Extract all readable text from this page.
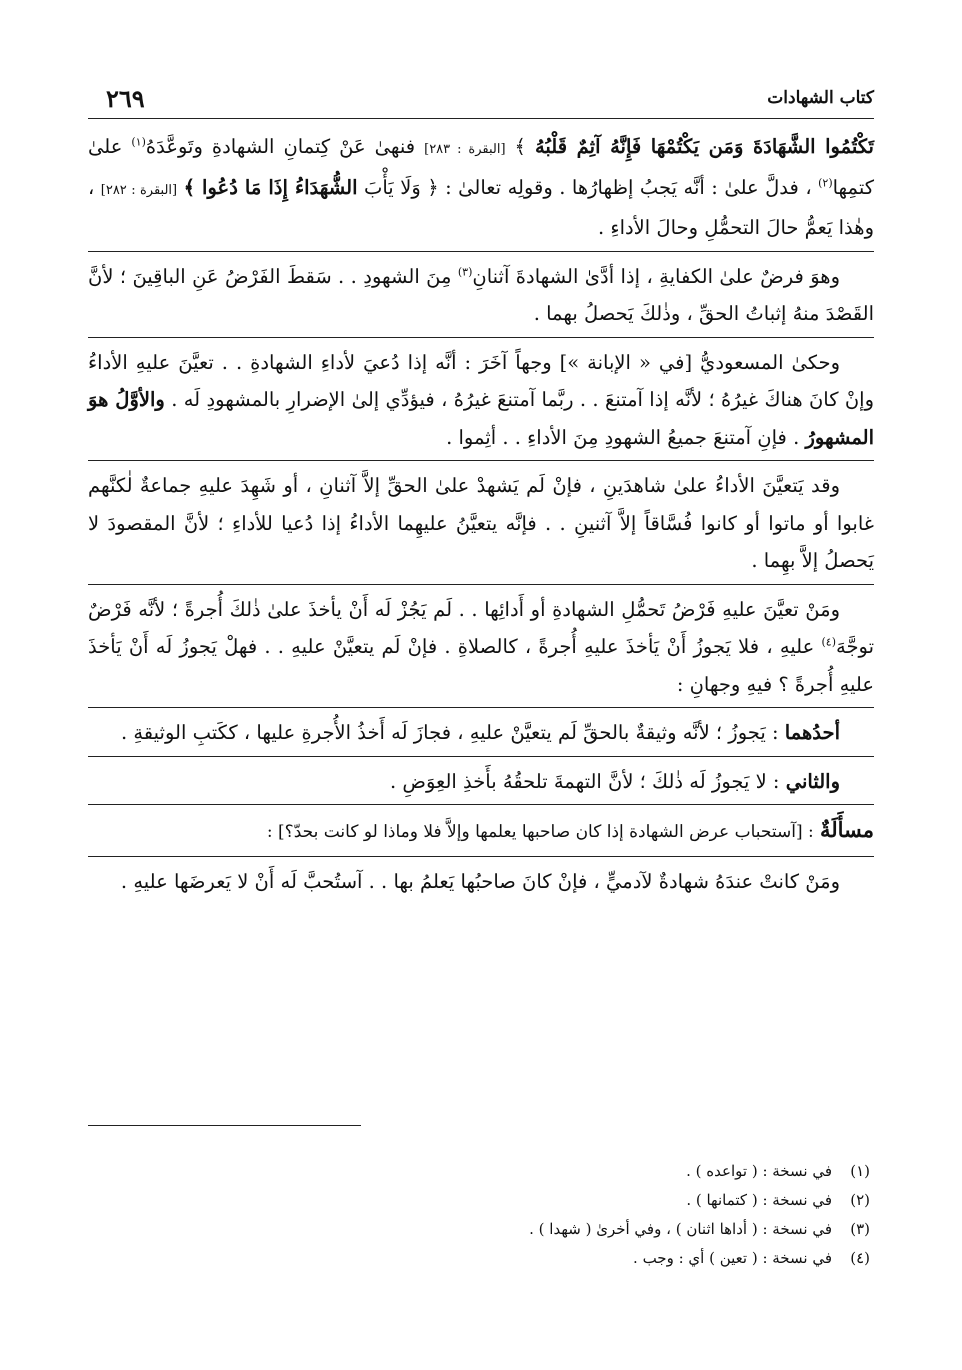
كتاب الشهادات
٢٦٩

تَكْتُمُوا الشَّهَادَةَ وَمَن يَكْتُمْهَا فَإِنَّهُ آثِمٌ قَلْبُهُ ﴾ [البقرة : ٢٨٣] فنهىٰ عَنْ كِتمانِ الشهادةِ وتَوعَّدَهُ$^{(١)}$ علىٰ كتمِها$^{(٢)}$ ، فدلَّ علىٰ : أنَّه يَجبُ إظهارُها . وقولِه تعالىٰ : ﴿ وَلَا يَأْبَ الشُّهَدَاءُ إِذَا مَا دُعُوا ﴾ [البقرة : ٢٨٢] ، وهٰذا يَعمُّ حالَ التحمُّلِ وحالَ الأداءِ .

وهوَ فرضٌ علىٰ الكفايةِ ، إذا أدَّىٰ الشهادةَ آثنانِ$^{(٣)}$ مِنَ الشهودِ . . سَقطَ الفَرْضُ عَنِ الباقِينَ ؛ لأنَّ القَصْدَ منهُ إثباتُ الحقِّ ، وذٰلكَ يَحصلُ بهما .

وحكىٰ المسعوديُّ [في « الإبانة »] وجهاً آخَرَ : أنَّه إذا دُعيَ لأداءِ الشهادةِ . . تعيَّنَ عليهِ الأداءُ وإنْ كانَ هناكَ غيرُهُ ؛ لأنَّه إذا آمتنعَ . . ربَّما آمتنعَ غيرُهُ ، فيؤدِّي إلىٰ الإضرارِ بالمشهودِ لَه . والأوَّلُ هوَ المشهورُ . فإنِ آمتنعَ جميعُ الشهودِ مِنَ الأداءِ . . أثِموا .

وقد يَتعيَّنَ الأداءُ علىٰ شاهدَينِ ، فإنْ لَم يَشهدْ علىٰ الحقِّ إلاَّ آثنانِ ، أو شَهِدَ عليهِ جماعةٌ لٰكنَّهم غابوا أو ماتوا أو كانوا فُسَّاقاً إلاَّ آثنينِ . . فإنَّه يتعيَّنُ عليهِما الأداءُ إذا دُعيا للأداءِ ؛ لأنَّ المقصودَ لا يَحصلُ إلاَّ بهِما .

ومَنْ تعيَّنَ عليهِ فَرْضُ تَحمُّلِ الشهادةِ أو أَدائِها . . لَم يَجُزْ لَه أَنْ يأخذَ علىٰ ذٰلكَ أُجرةً ؛ لأنَّه فَرْضٌ توجَّهَ$^{(٤)}$ عليهِ ، فلا يَجوزُ أَنْ يَأخذَ عليهِ أُجرةً ، كالصلاةِ . فإنْ لَم يتعيَّنْ عليهِ . . فهلْ يَجوزُ لَه أَنْ يَأخذَ عليهِ أُجرةً ؟ فيهِ وجهانِ :

أحدُهما : يَجوزُ ؛ لأنَّه وثيقةٌ بالحقِّ لَم يتعيَّنْ عليهِ ، فجازَ لَه أَخذُ الأُجرةِ عليها ، ككَتبِ الوثيقةِ .

والثاني : لا يَجوزُ لَه ذٰلكَ ؛ لأنَّ التهمةَ تلحقُهُ بأَخذِ العِوَضِ .

مسأَلَةٌ : [آستحباب عرض الشهادة إذا كان صاحبها يعلمها وإلاَّ فلا وماذا لو كانت بحدّ؟] :

ومَنْ كانتْ عندَهُ شهادةٌ لآدميٍّ ، فإنْ كانَ صاحبُها يَعلمُ بها . . آستُحبَّ لَه أَنْ لا يَعرضَها عليهِ .

(١)في نسخة : ( تواعده ) .
(٢)في نسخة : ( كتمانها ) .
(٣)في نسخة : ( أداها اثنان ) ، وفي أخرىٰ ( شهدا ) .
(٤)في نسخة : ( تعين ) أي : وجب .
